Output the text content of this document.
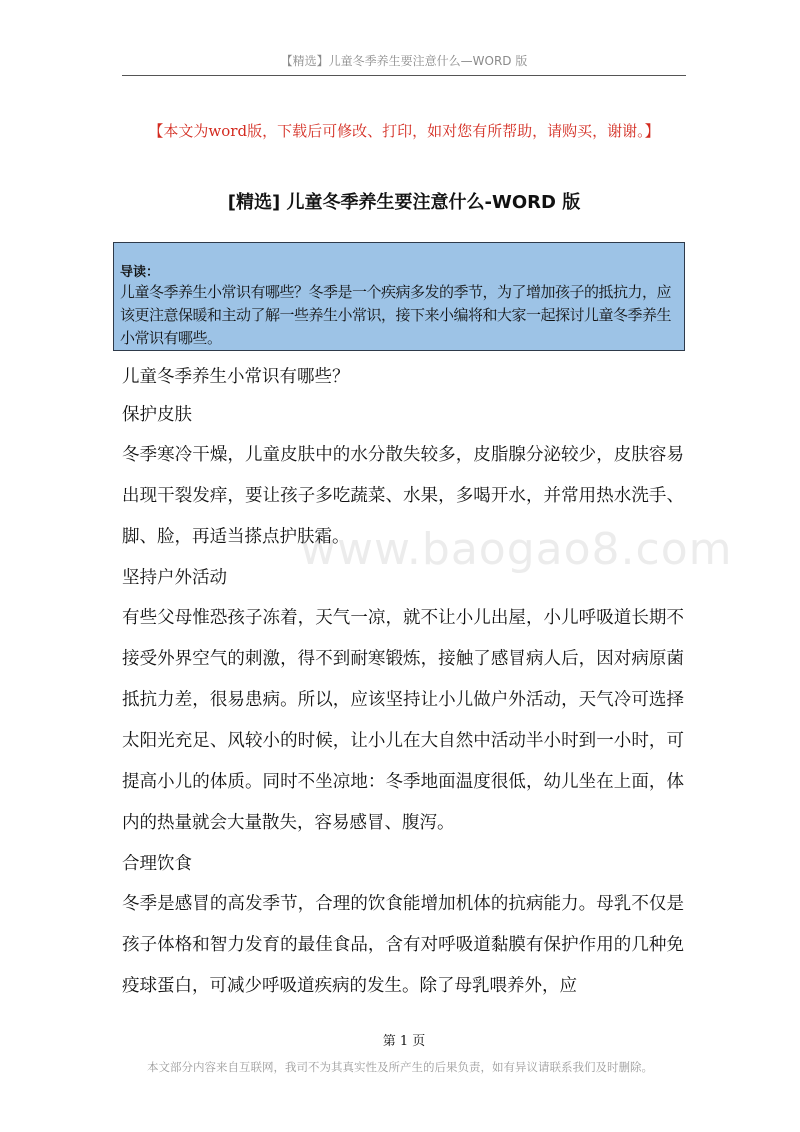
【精选】儿童冬季养生要注意什么—WORD 版
【本文为word版，下载后可修改、打印，如对您有所帮助，请购买，谢谢。】
[精选] 儿童冬季养生要注意什么-WORD 版
导读：
儿童冬季养生小常识有哪些？冬季是一个疾病多发的季节，为了增加孩子的抵抗力，应该更注意保暖和主动了解一些养生小常识，接下来小编将和大家一起探讨儿童冬季养生小常识有哪些。
www.baogao8.com

儿童冬季养生小常识有哪些？

保护皮肤

冬季寒冷干燥，儿童皮肤中的水分散失较多，皮脂腺分泌较少，皮肤容易出现干裂发痒，要让孩子多吃蔬菜、水果，多喝开水，并常用热水洗手、脚、脸，再适当搽点护肤霜。

坚持户外活动

有些父母惟恐孩子冻着，天气一凉，就不让小儿出屋，小儿呼吸道长期不接受外界空气的刺激，得不到耐寒锻炼，接触了感冒病人后，因对病原菌抵抗力差，很易患病。所以，应该坚持让小儿做户外活动，天气冷可选择太阳光充足、风较小的时候，让小儿在大自然中活动半小时到一小时，可提高小儿的体质。同时不坐凉地：冬季地面温度很低，幼儿坐在上面，体内的热量就会大量散失，容易感冒、腹泻。

合理饮食

冬季是感冒的高发季节，合理的饮食能增加机体的抗病能力。母乳不仅是孩子体格和智力发育的最佳食品，含有对呼吸道黏膜有保护作用的几种免疫球蛋白，可减少呼吸道疾病的发生。除了母乳喂养外，应

第 1 页
本文部分内容来自互联网，我司不为其真实性及所产生的后果负责，如有异议请联系我们及时删除。
